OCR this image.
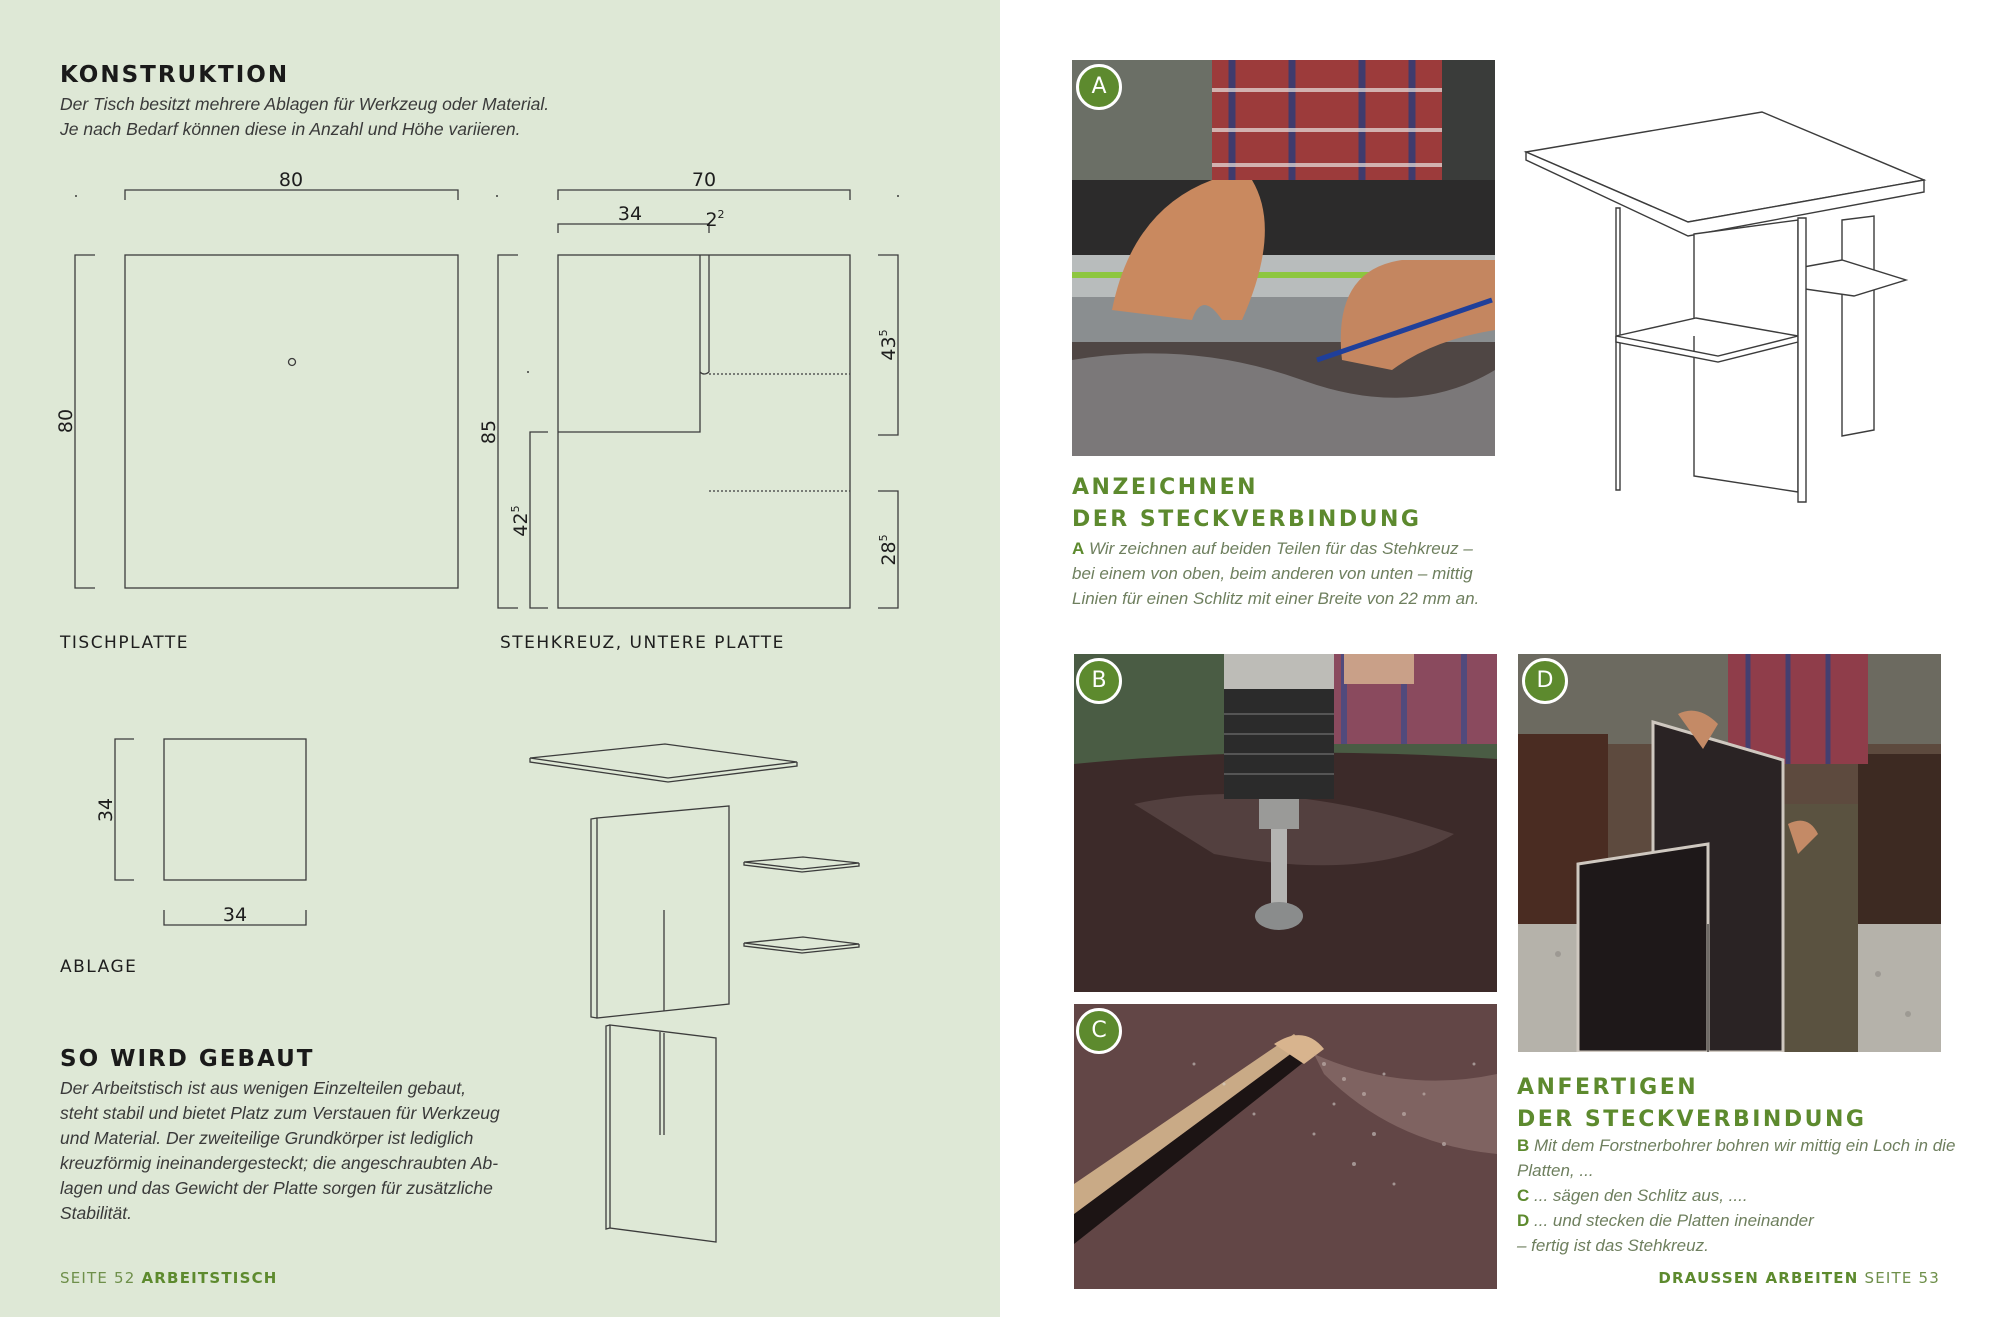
KONSTRUKTION

Der Tisch besitzt mehrere Ablagen für Werkzeug oder Material.

Je nach Bedarf können diese in Anzahl und Höhe variieren.

80
80
70
34	$2^2$
85
$42^5$
$43^5$
$28^5$
34
34
TISCHPLATTE	STEHKREUZ, UNTERE PLATTE
ABLAGE
SO WIRD GEBAUT

Der Arbeitstisch ist aus wenigen Einzelteilen gebaut,

steht stabil und bietet Platz zum Verstauen für Werkzeug

und Material. Der zweiteilige Grundkörper ist lediglich

kreuzförmig ineinandergesteckt; die angeschraubten Ab-

lagen und das Gewicht der Platte sorgen für zusätzliche

Stabilität.

SEITE 52 ARBEITSTISCH
A
ANZEICHNEN
DER STECKVERBINDUNG

A Wir zeichnen auf beiden Teilen für das Stehkreuz –

bei einem von oben, beim anderen von unten – mittig

Linien für einen Schlitz mit einer Breite von 22 mm an.

B
C
D
ANFERTIGEN
DER STECKVERBINDUNG

B Mit dem Forstnerbohrer bohren wir mittig ein Loch in die

Platten, ...

C ... sägen den Schlitz aus, ....

D ... und stecken die Platten ineinander

– fertig ist das Stehkreuz.

DRAUSSEN ARBEITEN SEITE 53
